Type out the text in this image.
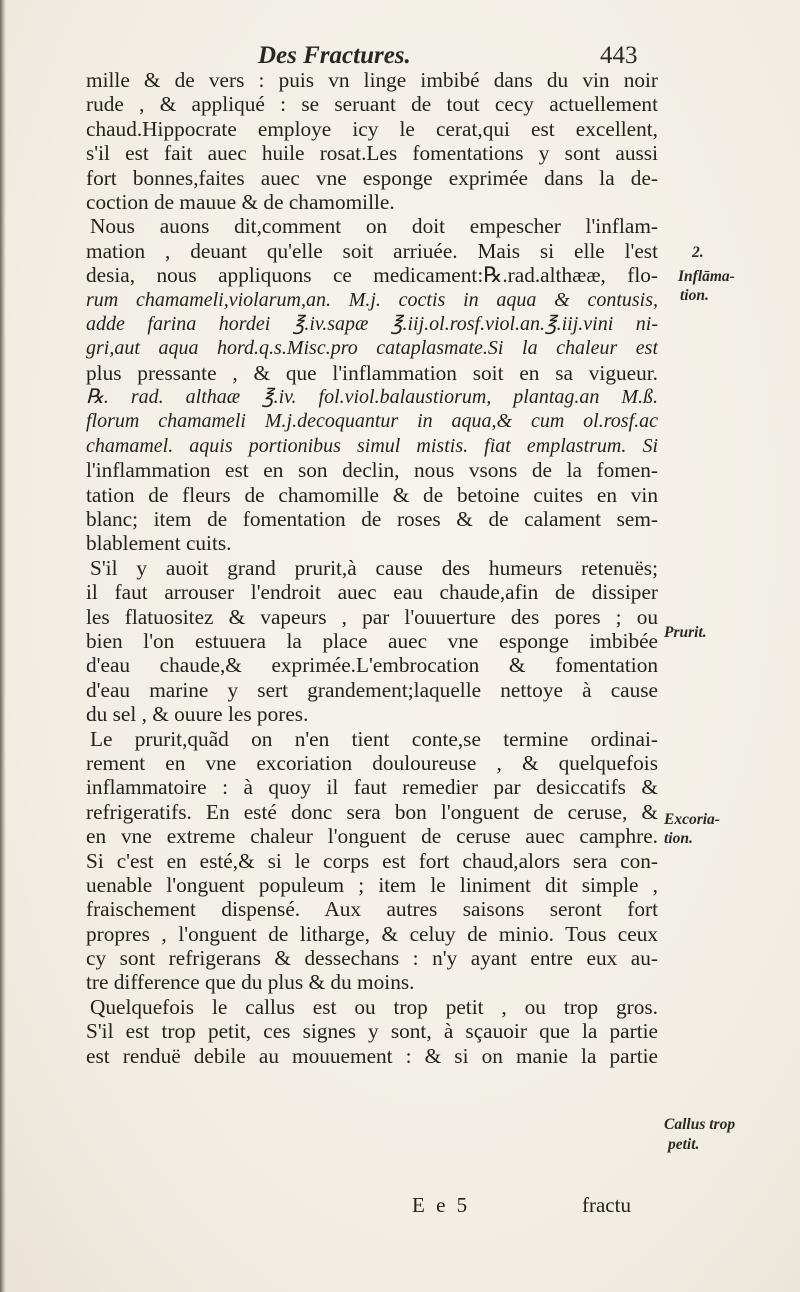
Des Fractures.	443
mille & de vers : puis vn linge imbibé dans du vin noir
rude , & appliqué : se seruant de tout cecy actuellement
chaud.Hippocrate employe icy le cerat,qui est excellent,
s'il est fait auec huile rosat.Les fomentations y sont aussi
fort bonnes,faites auec vne esponge exprimée dans la de-
coction de mauue & de chamomille.
Nous auons dit,comment on doit empescher l'inflam-
mation , deuant qu'elle soit arriuée. Mais si elle l'est
desia, nous appliquons ce medicament:℞.rad.althææ, flo-
rum chamameli,violarum,an. M.j. coctis in aqua & contusis,
adde farina hordei ℥.iv.sapæ ℥.iij.ol.rosf.viol.an.℥.iij.vini ni-
gri,aut aqua hord.q.s.Misc.pro cataplasmate.Si la chaleur est
plus pressante , & que l'inflammation soit en sa vigueur.
℞. rad. althaæ ℥.iv. fol.viol.balaustiorum, plantag.an M.ß.
florum chamameli M.j.decoquantur in aqua,& cum ol.rosf.ac
chamamel. aquis portionibus simul mistis. fiat emplastrum. Si
l'inflammation est en son declin, nous vsons de la fomen-
tation de fleurs de chamomille & de betoine cuites en vin
blanc; item de fomentation de roses & de calament sem-
blablement cuits.
S'il y auoit grand prurit,à cause des humeurs retenuës;
il faut arrouser l'endroit auec eau chaude,afin de dissiper
les flatuositez & vapeurs , par l'ouuerture des pores ; ou
bien l'on estuuera la place auec vne esponge imbibée
d'eau chaude,& exprimée.L'embrocation & fomentation
d'eau marine y sert grandement;laquelle nettoye à cause
du sel , & ouure les pores.
Le prurit,quãd on n'en tient conte,se termine ordinai-
rement en vne excoriation douloureuse , & quelquefois
inflammatoire : à quoy il faut remedier par desiccatifs &
refrigeratifs. En esté donc sera bon l'onguent de ceruse, &
en vne extreme chaleur l'onguent de ceruse auec camphre.
Si c'est en esté,& si le corps est fort chaud,alors sera con-
uenable l'onguent populeum ; item le liniment dit simple ,
fraischement dispensé. Aux autres saisons seront fort
propres , l'onguent de litharge, & celuy de minio. Tous ceux
cy sont refrigerans & dessechans : n'y ayant entre eux au-
tre difference que du plus & du moins.
Quelquefois le callus est ou trop petit , ou trop gros.
S'il est trop petit, ces signes y sont, à sçauoir que la partie
est renduë debile au mouuement : & si on manie la partie
2.
Inflāma-
tion.
Prurit.
Excoria-
tion.
Callus trop
petit.
E e 5	fractu
